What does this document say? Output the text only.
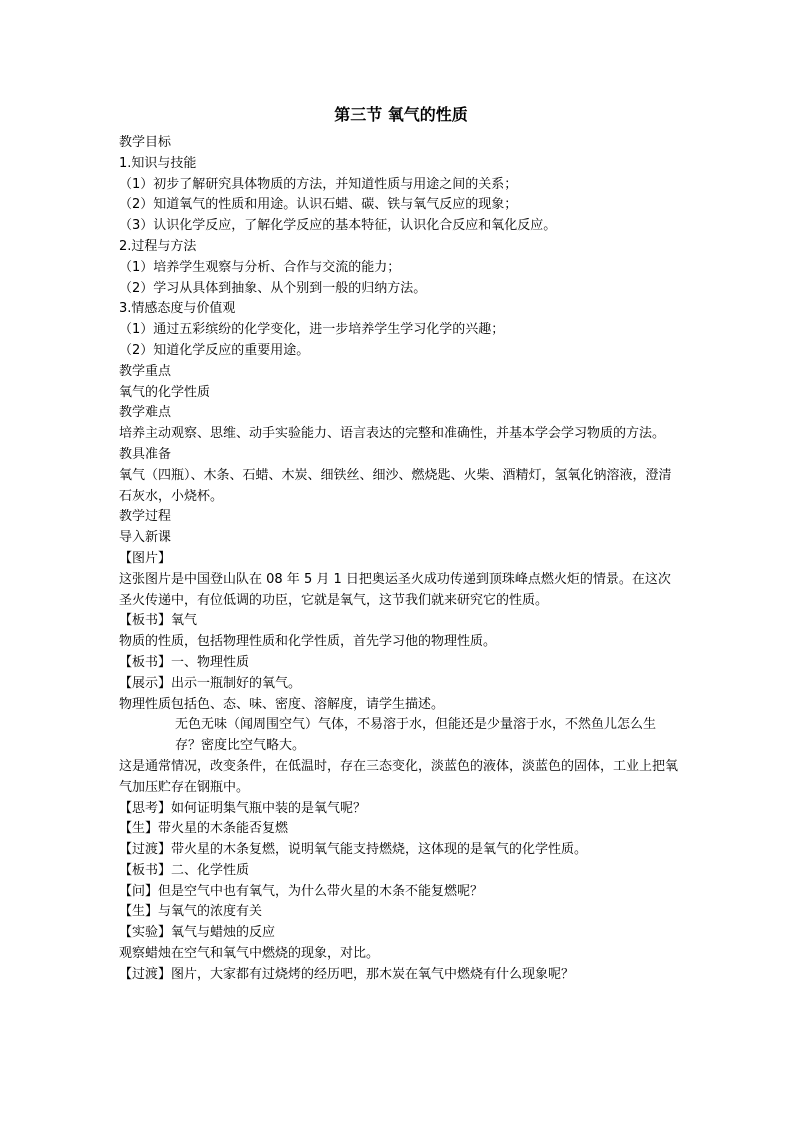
第三节 氧气的性质
教学目标
1.知识与技能
（1）初步了解研究具体物质的方法，并知道性质与用途之间的关系；
（2）知道氧气的性质和用途。认识石蜡、碳、铁与氧气反应的现象；
（3）认识化学反应，了解化学反应的基本特征，认识化合反应和氧化反应。
2.过程与方法
（1）培养学生观察与分析、合作与交流的能力；
（2）学习从具体到抽象、从个别到一般的归纳方法。
3.情感态度与价值观
（1）通过五彩缤纷的化学变化，进一步培养学生学习化学的兴趣；
（2）知道化学反应的重要用途。
教学重点
氧气的化学性质
教学难点
培养主动观察、思维、动手实验能力、语言表达的完整和准确性，并基本学会学习物质的方法。
教具准备
氧气（四瓶）、木条、石蜡、木炭、细铁丝、细沙、燃烧匙、火柴、酒精灯，氢氧化钠溶液，澄清石灰水，小烧杯。
教学过程
导入新课
【图片】
这张图片是中国登山队在 08 年 5 月 1 日把奥运圣火成功传递到顶珠峰点燃火炬的情景。在这次圣火传递中，有位低调的功臣，它就是氧气，这节我们就来研究它的性质。
【板书】氧气
物质的性质，包括物理性质和化学性质，首先学习他的物理性质。
【板书】一、物理性质
【展示】出示一瓶制好的氧气。
物理性质包括色、态、味、密度、溶解度，请学生描述。
无色无味（闻周围空气）气体，不易溶于水，但能还是少量溶于水，不然鱼儿怎么生存？密度比空气略大。
这是通常情况，改变条件，在低温时，存在三态变化，淡蓝色的液体，淡蓝色的固体，工业上把氧气加压贮存在钢瓶中。
【思考】如何证明集气瓶中装的是氧气呢？
【生】带火星的木条能否复燃
【过渡】带火星的木条复燃，说明氧气能支持燃烧，这体现的是氧气的化学性质。
【板书】二、化学性质
【问】但是空气中也有氧气，为什么带火星的木条不能复燃呢？
【生】与氧气的浓度有关
【实验】氧气与蜡烛的反应
观察蜡烛在空气和氧气中燃烧的现象，对比。
【过渡】图片，大家都有过烧烤的经历吧，那木炭在氧气中燃烧有什么现象呢？
